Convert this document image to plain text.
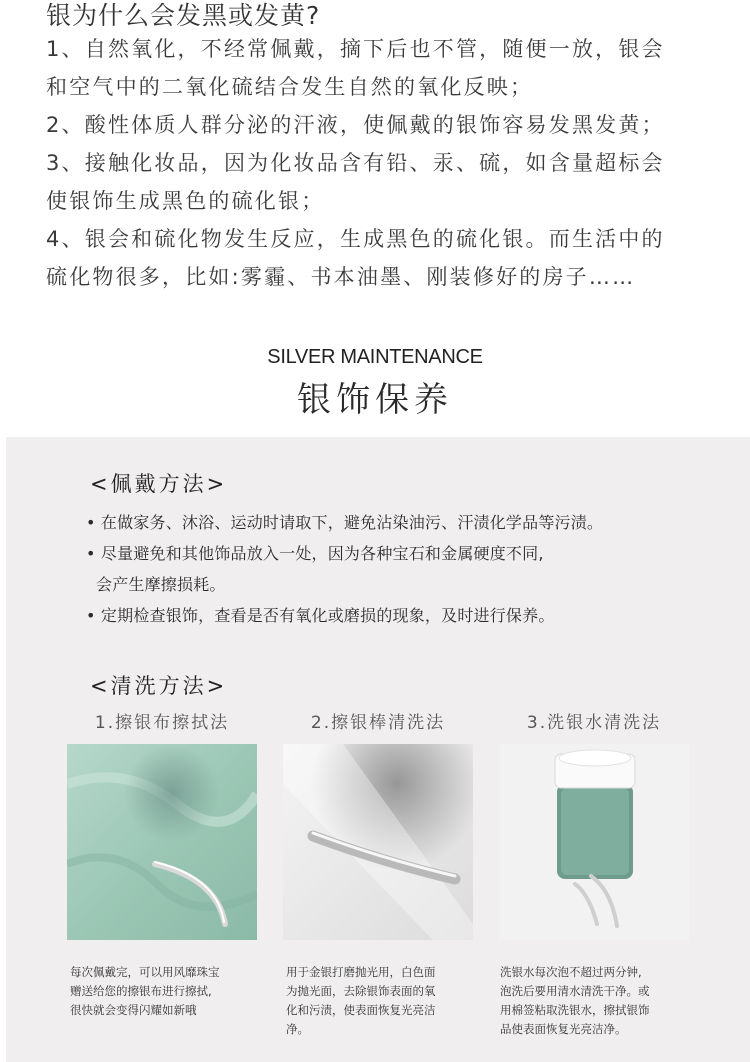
银为什么会发黑或发黄?
1、自然氧化，不经常佩戴，摘下后也不管，随便一放，银会
和空气中的二氧化硫结合发生自然的氧化反映；
2、酸性体质人群分泌的汗液，使佩戴的银饰容易发黑发黄；
3、接触化妆品，因为化妆品含有铅、汞、硫，如含量超标会
使银饰生成黑色的硫化银；
4、银会和硫化物发生反应，生成黑色的硫化银。而生活中的
硫化物很多，比如:雾霾、书本油墨、刚装修好的房子……
SILVER MAINTENANCE
银饰保养
<佩戴方法>
• 在做家务、沐浴、运动时请取下，避免沾染油污、汗渍化学品等污渍。
• 尽量避免和其他饰品放入一处，因为各种宝石和金属硬度不同,
会产生摩擦损耗。
• 定期检查银饰，查看是否有氧化或磨损的现象，及时进行保养。
<清洗方法>
1.擦银布擦拭法	2.擦银棒清洗法	3.洗银水清洗法
每次佩戴完，可以用风靡珠宝
赠送给您的擦银布进行擦拭,
很快就会变得闪耀如新哦
用于金银打磨抛光用，白色面
为抛光面，去除银饰表面的氧
化和污渍，使表面恢复光亮洁
净。
洗银水每次泡不超过两分钟,
泡洗后要用清水清洗干净。或
用棉签粘取洗银水，擦拭银饰
品使表面恢复光亮洁净。
